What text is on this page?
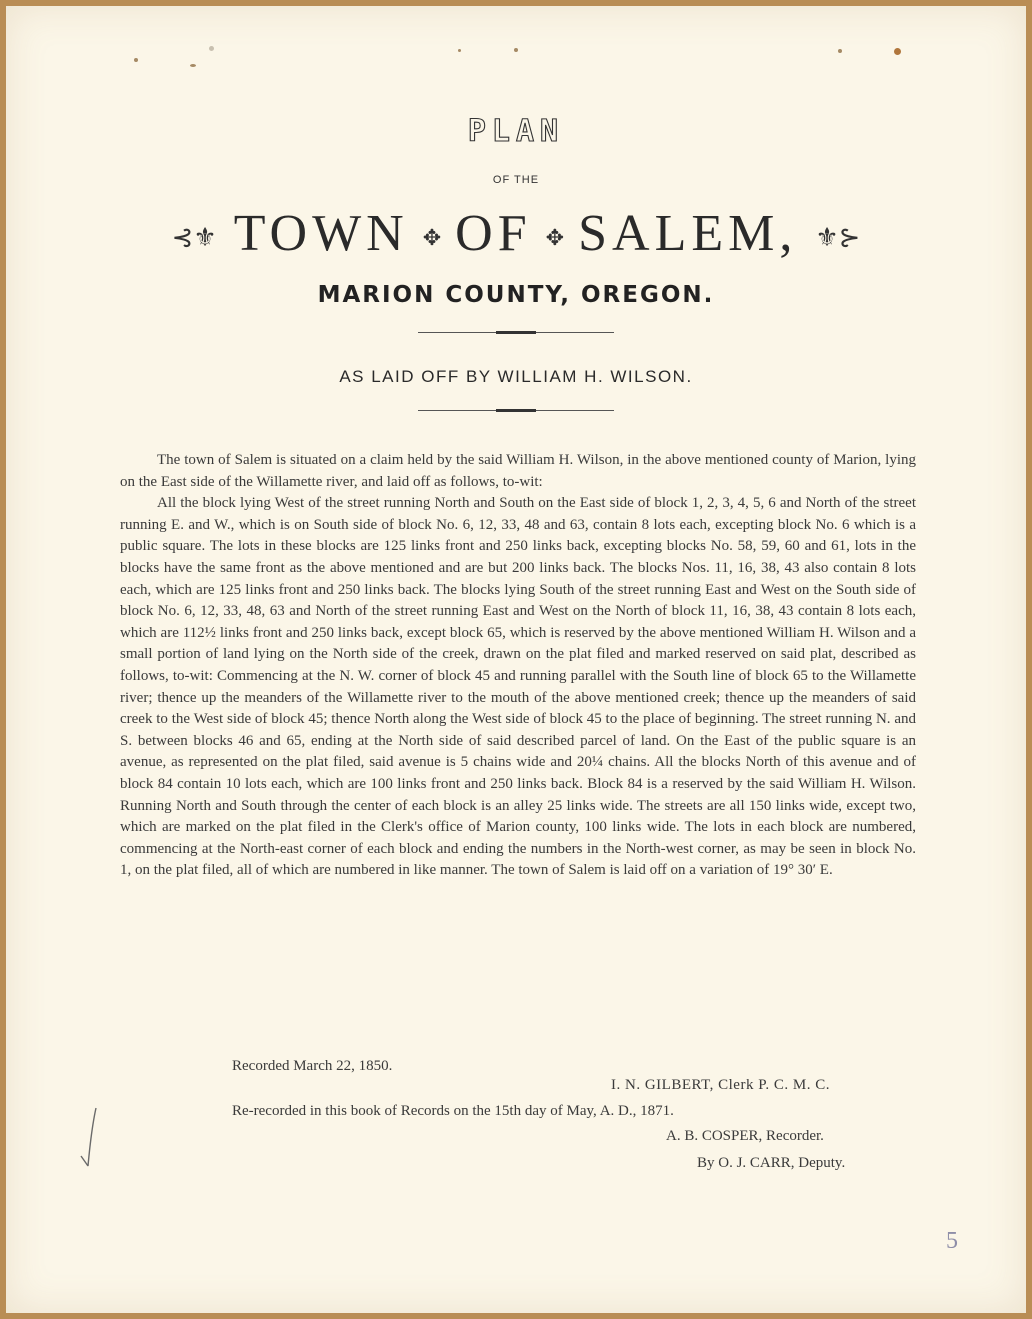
PLAN
OF THE
⊰⚜ TOWN ✥ OF ✥ SALEM, ⚜⊱
MARION COUNTY, OREGON.
AS LAID OFF BY WILLIAM H. WILSON.

The town of Salem is situated on a claim held by the said William H. Wilson, in the above mentioned county of Marion, lying on the East side of the Willamette river, and laid off as follows, to-wit:

All the block lying West of the street running North and South on the East side of block 1, 2, 3, 4, 5, 6 and North of the street running E. and W., which is on South side of block No. 6, 12, 33, 48 and 63, contain 8 lots each, excepting block No. 6 which is a public square. The lots in these blocks are 125 links front and 250 links back, excepting blocks No. 58, 59, 60 and 61, lots in the blocks have the same front as the above mentioned and are but 200 links back. The blocks Nos. 11, 16, 38, 43 also contain 8 lots each, which are 125 links front and 250 links back. The blocks lying South of the street running East and West on the South side of block No. 6, 12, 33, 48, 63 and North of the street running East and West on the North of block 11, 16, 38, 43 contain 8 lots each, which are 112½ links front and 250 links back, except block 65, which is reserved by the above mentioned William H. Wilson and a small portion of land lying on the North side of the creek, drawn on the plat filed and marked reserved on said plat, described as follows, to-wit: Commencing at the N. W. corner of block 45 and running parallel with the South line of block 65 to the Willamette river; thence up the meanders of the Willamette river to the mouth of the above mentioned creek; thence up the meanders of said creek to the West side of block 45; thence North along the West side of block 45 to the place of beginning. The street running N. and S. between blocks 46 and 65, ending at the North side of said described parcel of land. On the East of the public square is an avenue, as represented on the plat filed, said avenue is 5 chains wide and 20¼ chains. All the blocks North of this avenue and of block 84 contain 10 lots each, which are 100 links front and 250 links back. Block 84 is a reserved by the said William H. Wilson. Running North and South through the center of each block is an alley 25 links wide. The streets are all 150 links wide, except two, which are marked on the plat filed in the Clerk's office of Marion county, 100 links wide. The lots in each block are numbered, commencing at the North-east corner of each block and ending the numbers in the North-west corner, as may be seen in block No. 1, on the plat filed, all of which are numbered in like manner. The town of Salem is laid off on a variation of 19° 30′ E.

Recorded March 22, 1850.
I. N. GILBERT, Clerk P. C. M. C.
Re-recorded in this book of Records on the 15th day of May, A. D., 1871.
A. B. COSPER, Recorder.
By O. J. CARR, Deputy.
5
